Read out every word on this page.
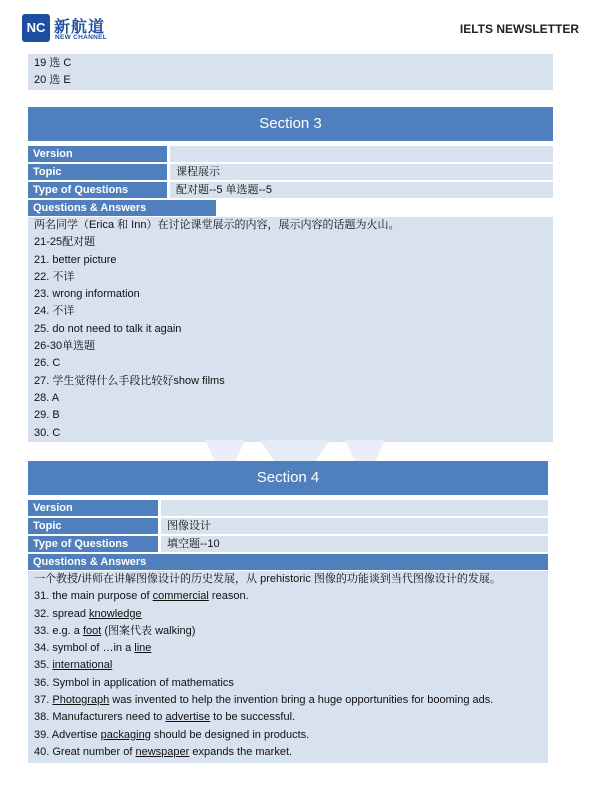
NC 新航道
NEW CHANNEL
IELTS NEWSLETTER
19 选 C
20 选 E
Section 3
Version
Topic	课程展示
Type of Questions	配对题--5 单选题--5
Questions & Answers
两名同学（Erica 和 Inn）在讨论课堂展示的内容，展示内容的话题为火山。
21-25配对题
21. better picture
22. 不详
23. wrong information
24. 不详
25. do not need to talk it again
26-30单选题
26. C
27. 学生觉得什么手段比较好show films
28. A
29. B
30. C
Section 4
Version
Topic	图像设计
Type of Questions	填空题--10
Questions & Answers
一个教授/讲师在讲解图像设计的历史发展，从 prehistoric 图像的功能谈到当代图像设计的发展。
31. the main purpose of commercial reason.
32. spread knowledge
33. e.g. a foot (图案代表 walking)
34. symbol of …in a line
35. international
36. Symbol in application of mathematics
37. Photograph was invented to help the invention bring a huge opportunities for booming ads.
38. Manufacturers need to advertise to be successful.
39. Advertise packaging should be designed in products.
40. Great number of newspaper expands the market.
